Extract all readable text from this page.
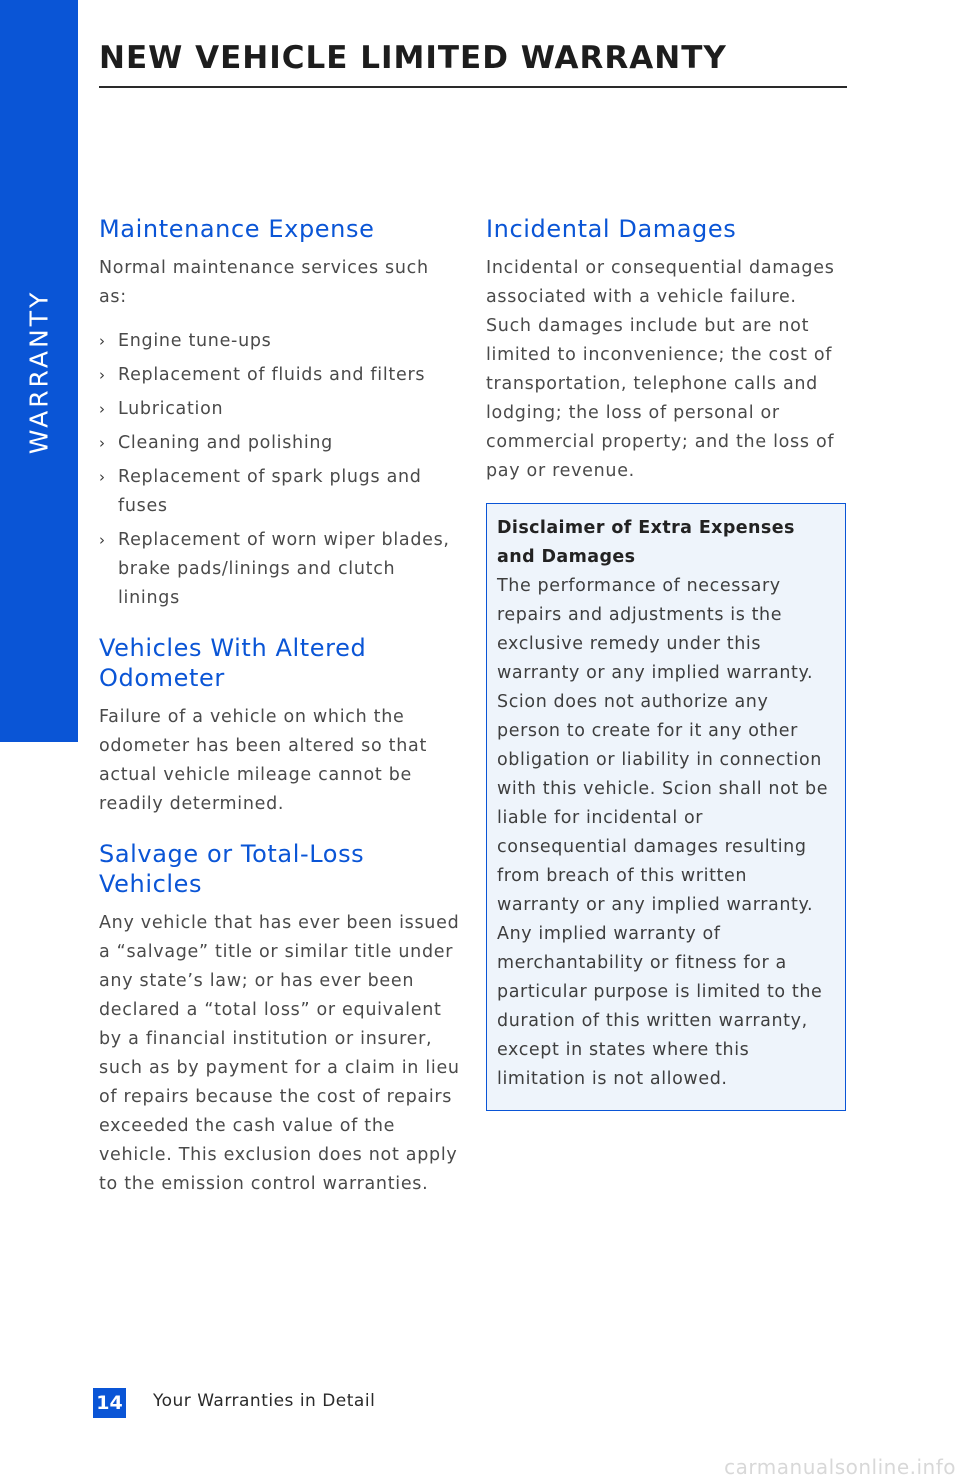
WARRANTY
NEW VEHICLE LIMITED WARRANTY
Maintenance Expense

Normal maintenance services such as:

› Engine tune-ups
› Replacement of fluids and filters
› Lubrication
› Cleaning and polishing
› Replacement of spark plugs and fuses
› Replacement of worn wiper blades, brake pads/linings and clutch linings
Vehicles With Altered Odometer

Failure of a vehicle on which the odometer has been altered so that actual vehicle mileage cannot be readily determined.

Salvage or Total-Loss Vehicles

Any vehicle that has ever been issued a “salvage” title or similar title under any state’s law; or has ever been declared a “total loss” or equivalent by a financial institution or insurer, such as by payment for a claim in lieu of repairs because the cost of repairs exceeded the cash value of the vehicle. This exclusion does not apply to the emission control warranties.

Incidental Damages

Incidental or consequential damages associated with a vehicle failure. Such damages include but are not limited to inconvenience; the cost of transportation, telephone calls and lodging; the loss of personal or commercial property; and the loss of pay or revenue.

Disclaimer of Extra Expenses and Damages

The performance of necessary repairs and adjustments is the exclusive remedy under this warranty or any implied warranty. Scion does not authorize any person to create for it any other obligation or liability in connection with this vehicle. Scion shall not be liable for incidental or consequential damages resulting from breach of this written warranty or any implied warranty. Any implied warranty of merchantability or fitness for a particular purpose is limited to the duration of this written warranty, except in states where this limitation is not allowed.

14 Your Warranties in Detail
carmanualsonline.info
